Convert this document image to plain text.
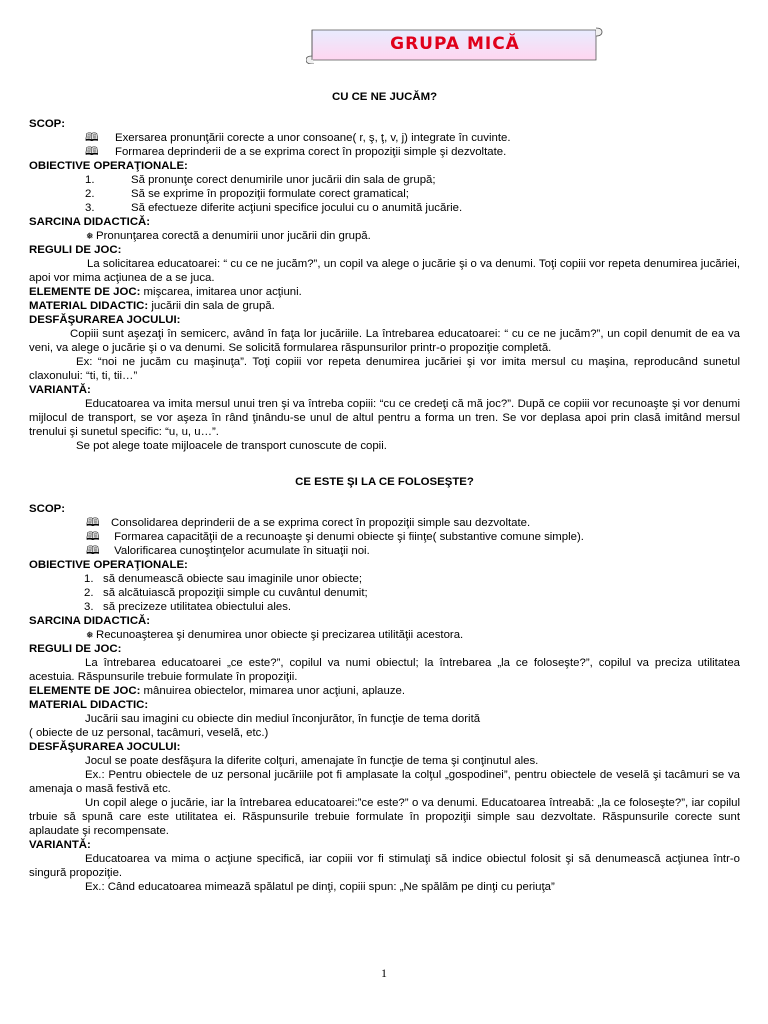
GRUPA MICĂ
CU CE NE JUCĂM?
SCOP:
🕮 Exersarea pronunţării corecte a unor consoane( r, ş, ţ, v, j) integrate în cuvinte.
🕮 Formarea deprinderii de a se exprima corect în propoziţii simple şi dezvoltate.
OBIECTIVE OPERAŢIONALE:
1.	Să pronunţe corect denumirile unor jucării din sala de grupă;
2.	Să se exprime în propoziţii formulate corect gramatical;
3.	Să efectueze diferite acţiuni specifice jocului cu o anumită jucărie.
SARCINA DIDACTICĂ:
❅ Pronunţarea corectă a denumirii unor jucării din grupă.
REGULI DE JOC:
La solicitarea educatoarei: “ cu ce ne jucăm?”, un copil va alege o jucărie şi o va denumi. Toţi copiii vor repeta denumirea jucăriei, apoi vor mima acţiunea de a se juca.
ELEMENTE DE JOC: mişcarea, imitarea unor acţiuni.
MATERIAL DIDACTIC: jucării din sala de grupă.
DESFĂŞURAREA JOCULUI:
Copiii sunt aşezaţi în semicerc, având în faţa lor jucăriile. La întrebarea educatoarei: “ cu ce ne jucăm?”, un copil denumit de ea va veni, va alege o jucărie şi o va denumi. Se solicită formularea răspunsurilor printr-o propoziţie completă.
Ex: “noi ne jucăm cu maşinuţa”. Toţi copiii vor repeta denumirea jucăriei şi vor imita mersul cu maşina, reproducând sunetul claxonului: “ti, ti, tii…”
VARIANTĂ:
Educatoarea va imita mersul unui tren şi va întreba copiii: “cu ce credeţi că mă joc?”. După ce copiii vor recunoaşte şi vor denumi mijlocul de transport, se vor aşeza în rând ţinându-se unul de altul pentru a forma un tren. Se vor deplasa apoi prin clasă imitând mersul trenului şi sunetul specific: “u, u, u…”.
Se pot alege toate mijloacele de transport cunoscute de copii.
CE ESTE ŞI LA CE FOLOSEŞTE?
SCOP:
🕮 Consolidarea deprinderii de a se exprima corect în propoziţii simple sau dezvoltate.
🕮 Formarea capacităţii de a recunoaşte şi denumi obiecte şi fiinţe( substantive comune simple).
🕮 Valorificarea cunoştinţelor acumulate în situaţii noi.
OBIECTIVE OPERAŢIONALE:
1. să denumească obiecte sau imaginile unor obiecte;
2. să alcătuiască propoziţii simple cu cuvântul denumit;
3. să precizeze utilitatea obiectului ales.
SARCINA DIDACTICĂ:
❅ Recunoaşterea şi denumirea unor obiecte şi precizarea utilităţii acestora.
REGULI DE JOC:
La întrebarea educatoarei „ce este?”, copilul va numi obiectul; la întrebarea „la ce foloseşte?”, copilul va preciza utilitatea acestuia. Răspunsurile trebuie formulate în propoziţii.
ELEMENTE DE JOC: mânuirea obiectelor, mimarea unor acţiuni, aplauze.
MATERIAL DIDACTIC:
Jucării sau imagini cu obiecte din mediul înconjurător, în funcţie de tema dorită
( obiecte de uz personal, tacâmuri, veselă, etc.)
DESFĂŞURAREA JOCULUI:
Jocul se poate desfăşura la diferite colţuri, amenajate în funcţie de tema şi conţinutul ales.
Ex.: Pentru obiectele de uz personal jucăriile pot fi amplasate la colţul „gospodinei”, pentru obiectele de veselă şi tacâmuri se va amenaja o masă festivă etc.
Un copil alege o jucărie, iar la întrebarea educatoarei:”ce este?” o va denumi. Educatoarea întreabă: „la ce foloseşte?”, iar copilul trbuie să spună care este utilitatea ei. Răspunsurile trebuie formulate în propoziţii simple sau dezvoltate. Răspunsurile corecte sunt aplaudate şi recompensate.
VARIANTĂ:
Educatoarea va mima o acţiune specifică, iar copiii vor fi stimulaţi să indice obiectul folosit şi să denumească acţiunea într-o singură propoziţie.
Ex.: Când educatoarea mimează spălatul pe dinţi, copiii spun: „Ne spălăm pe dinţi cu periuţa”
1
